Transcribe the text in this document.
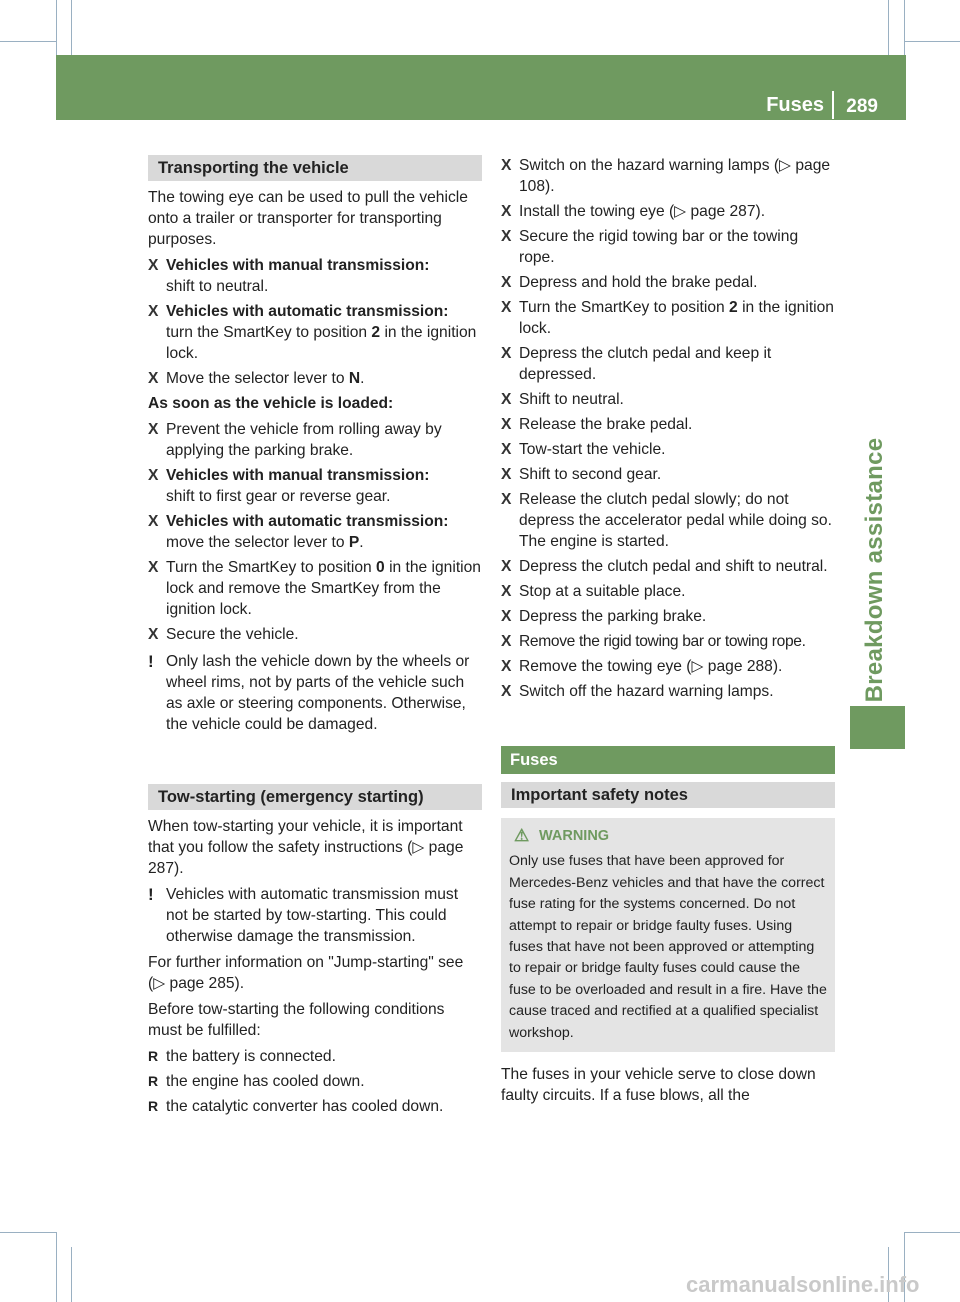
Fuses 289
Breakdown assistance
Transporting the vehicle

The towing eye can be used to pull the vehicle onto a trailer or transporter for transporting purposes.

X Vehicles with manual transmission:
shift to neutral.
X Vehicles with automatic transmission:
turn the SmartKey to position 2 in the ignition lock.
X Move the selector lever to N.

As soon as the vehicle is loaded:

X Prevent the vehicle from rolling away by applying the parking brake.
X Vehicles with manual transmission:
shift to first gear or reverse gear.
X Vehicles with automatic transmission:
move the selector lever to P.
X Turn the SmartKey to position 0 in the ignition lock and remove the SmartKey from the ignition lock.
X Secure the vehicle.
! Only lash the vehicle down by the wheels or wheel rims, not by parts of the vehicle such as axle or steering components. Otherwise, the vehicle could be damaged.
Tow-starting (emergency starting)

When tow-starting your vehicle, it is important that you follow the safety instructions (▷ page 287).

! Vehicles with automatic transmission must not be started by tow-starting. This could otherwise damage the transmission.

For further information on "Jump-starting" see (▷ page 285).

Before tow-starting the following conditions must be fulfilled:

R the battery is connected.
R the engine has cooled down.
R the catalytic converter has cooled down.
X Switch on the hazard warning lamps (▷ page 108).
X Install the towing eye (▷ page 287).
X Secure the rigid towing bar or the towing rope.
X Depress and hold the brake pedal.
X Turn the SmartKey to position 2 in the ignition lock.
X Depress the clutch pedal and keep it depressed.
X Shift to neutral.
X Release the brake pedal.
X Tow-start the vehicle.
X Shift to second gear.
X Release the clutch pedal slowly; do not depress the accelerator pedal while doing so.
The engine is started.
X Depress the clutch pedal and shift to neutral.
X Stop at a suitable place.
X Depress the parking brake.
X Remove the rigid towing bar or towing rope.
X Remove the towing eye (▷ page 288).
X Switch off the hazard warning lamps.
Fuses
Important safety notes
⚠ WARNING
Only use fuses that have been approved for Mercedes-Benz vehicles and that have the correct fuse rating for the systems concerned. Do not attempt to repair or bridge faulty fuses. Using fuses that have not been approved or attempting to repair or bridge faulty fuses could cause the fuse to be overloaded and result in a fire. Have the cause traced and rectified at a qualified specialist workshop.

The fuses in your vehicle serve to close down faulty circuits. If a fuse blows, all the

carmanualsonline.info
